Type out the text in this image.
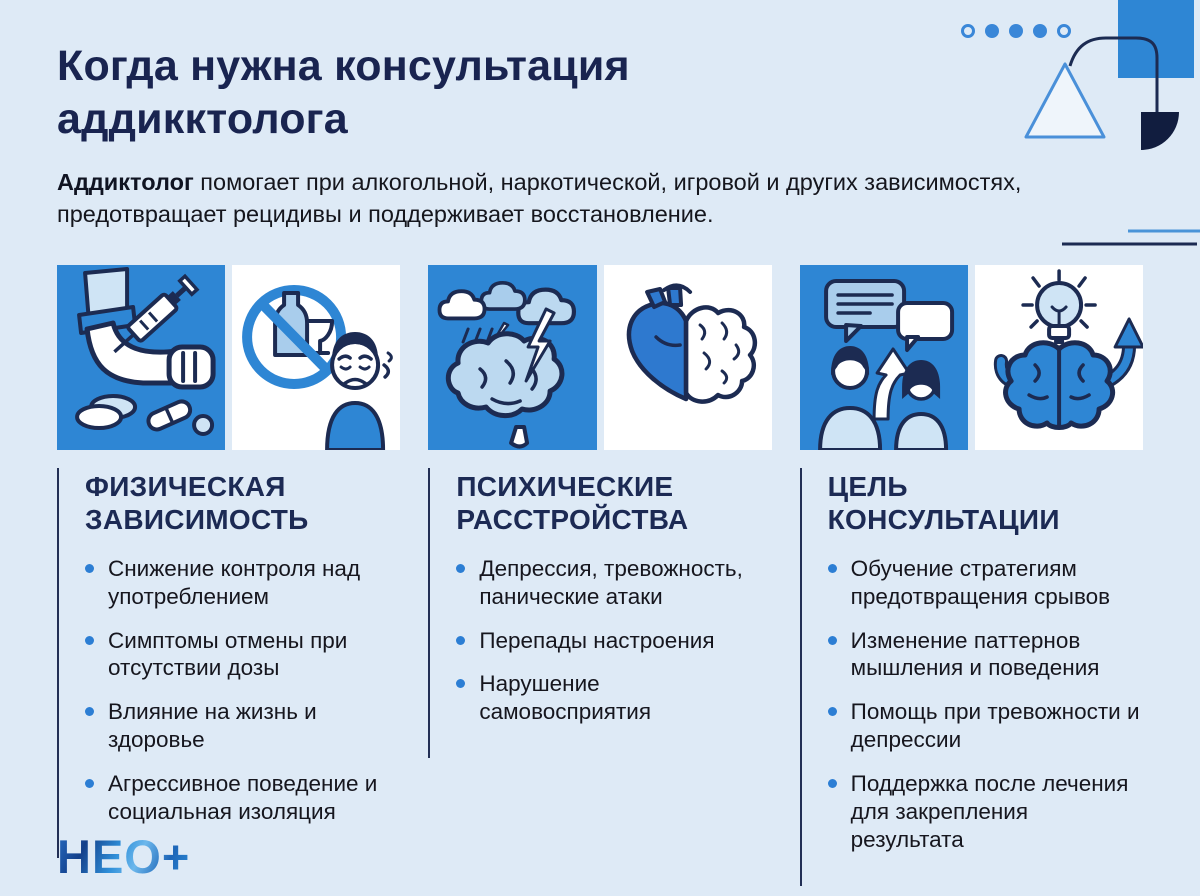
Когда нужна консультация
аддикктолога

Аддиктолог помогает при алкогольной, наркотической, игровой и других зависимостях, предотвращает рецидивы и поддерживает восстановление.

ФИЗИЧЕСКАЯ ЗАВИСИМОСТЬ
Снижение контроля над употреблением
Симптомы отмены при отсутствии дозы
Влияние на жизнь и здоровье
Агрессивное поведение и социальная изоляция
ПСИХИЧЕСКИЕ РАССТРОЙСТВА
Депрессия, тревожность, панические атаки
Перепады настроения
Нарушение самовосприятия
ЦЕЛЬ КОНСУЛЬТАЦИИ
Обучение стратегиям предотвращения срывов
Изменение паттернов мышления и поведения
Помощь при тревожности и депрессии
Поддержка после лечения для закрепления результата
НЕО+
